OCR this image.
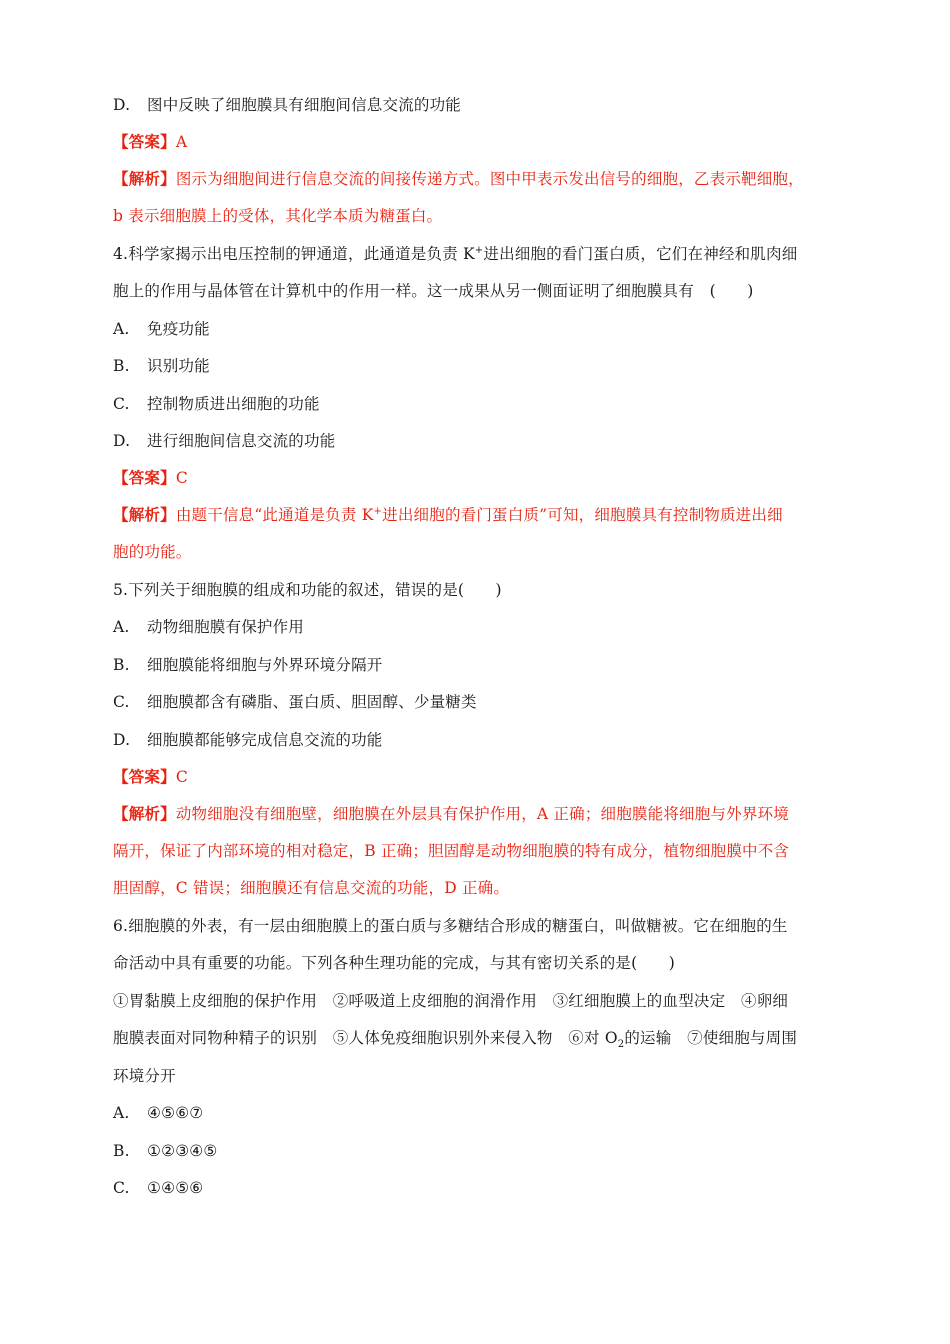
D. 图中反映了细胞膜具有细胞间信息交流的功能
【答案】A
【解析】图示为细胞间进行信息交流的间接传递方式。图中甲表示发出信号的细胞，乙表示靶细胞，
b 表示细胞膜上的受体，其化学本质为糖蛋白。
4.科学家揭示出电压控制的钾通道，此通道是负责 K+进出细胞的看门蛋白质，它们在神经和肌肉细
胞上的作用与晶体管在计算机中的作用一样。这一成果从另一侧面证明了细胞膜具有　(　　)
A. 免疫功能
B. 识别功能
C. 控制物质进出细胞的功能
D. 进行细胞间信息交流的功能
【答案】C
【解析】由题干信息“此通道是负责 K+进出细胞的看门蛋白质”可知，细胞膜具有控制物质进出细
胞的功能。
5.下列关于细胞膜的组成和功能的叙述，错误的是(　　)
A. 动物细胞膜有保护作用
B. 细胞膜能将细胞与外界环境分隔开
C. 细胞膜都含有磷脂、蛋白质、胆固醇、少量糖类
D. 细胞膜都能够完成信息交流的功能
【答案】C
【解析】动物细胞没有细胞壁，细胞膜在外层具有保护作用，A 正确；细胞膜能将细胞与外界环境
隔开，保证了内部环境的相对稳定，B 正确；胆固醇是动物细胞膜的特有成分，植物细胞膜中不含
胆固醇，C 错误；细胞膜还有信息交流的功能，D 正确。
6.细胞膜的外表，有一层由细胞膜上的蛋白质与多糖结合形成的糖蛋白，叫做糖被。它在细胞的生
命活动中具有重要的功能。下列各种生理功能的完成，与其有密切关系的是(　　)
①胃黏膜上皮细胞的保护作用　②呼吸道上皮细胞的润滑作用　③红细胞膜上的血型决定　④卵细
胞膜表面对同物种精子的识别　⑤人体免疫细胞识别外来侵入物　⑥对 $O_2$的运输　⑦使细胞与周围
环境分开
A. ④⑤⑥⑦
B. ①②③④⑤
C. ①④⑤⑥
